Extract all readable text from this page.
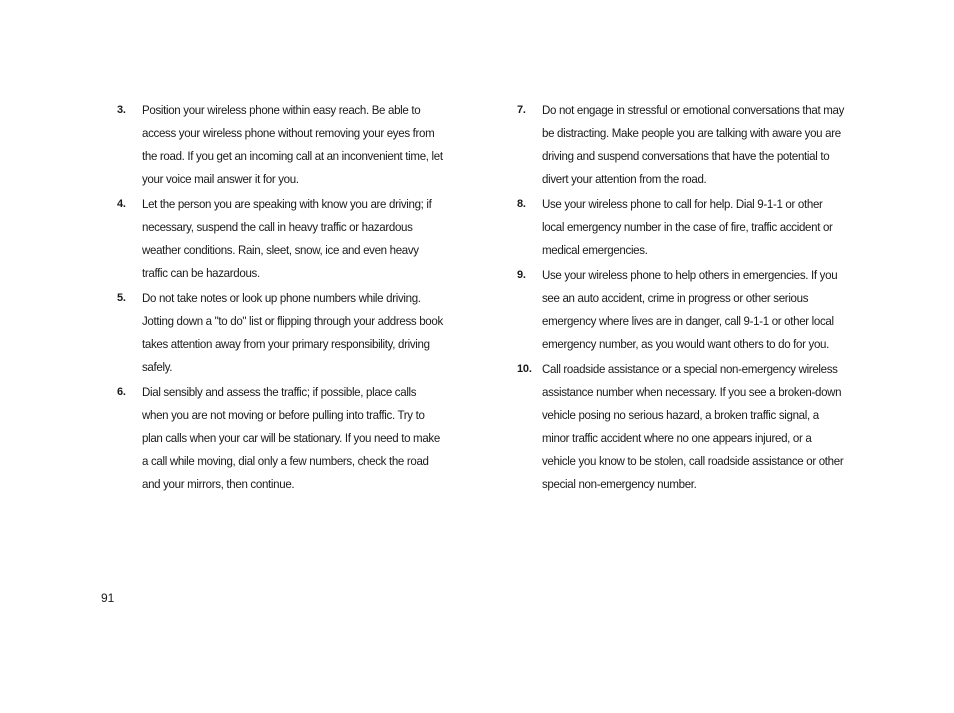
3.	Position your wireless phone within easy reach. Be able to access your wireless phone without removing your eyes from the road. If you get an incoming call at an inconvenient time, let your voice mail answer it for you.
4.	Let the person you are speaking with know you are driving; if necessary, suspend the call in heavy traffic or hazardous weather conditions. Rain, sleet, snow, ice and even heavy traffic can be hazardous.
5.	Do not take notes or look up phone numbers while driving. Jotting down a "to do" list or flipping through your address book takes attention away from your primary responsibility, driving safely.
6.	Dial sensibly and assess the traffic; if possible, place calls when you are not moving or before pulling into traffic. Try to plan calls when your car will be stationary. If you need to make a call while moving, dial only a few numbers, check the road and your mirrors, then continue.
7.	Do not engage in stressful or emotional conversations that may be distracting. Make people you are talking with aware you are driving and suspend conversations that have the potential to divert your attention from the road.
8.	Use your wireless phone to call for help. Dial 9-1-1 or other local emergency number in the case of fire, traffic accident or medical emergencies.
9.	Use your wireless phone to help others in emergencies. If you see an auto accident, crime in progress or other serious emergency where lives are in danger, call 9-1-1 or other local emergency number, as you would want others to do for you.
10. Call roadside assistance or a special non-emergency wireless assistance number when necessary. If you see a broken-down vehicle posing no serious hazard, a broken traffic signal, a minor traffic accident where no one appears injured, or a vehicle you know to be stolen, call roadside assistance or other special non-emergency number.
91
